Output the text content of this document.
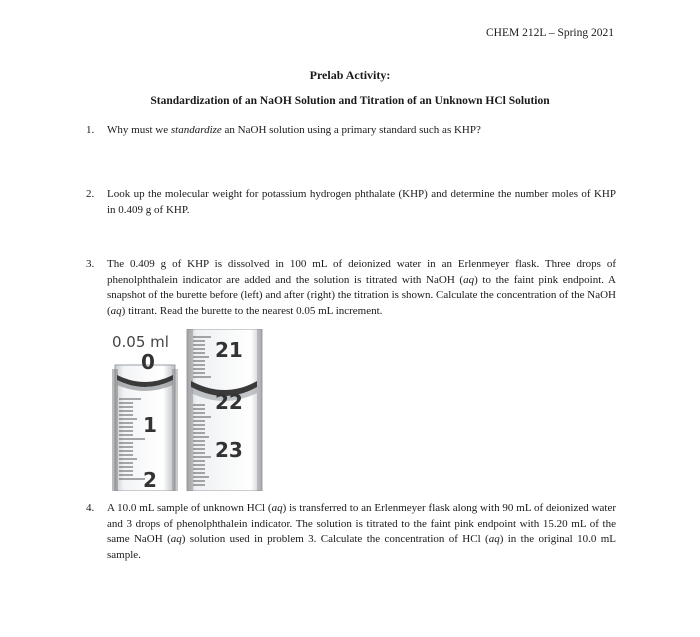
CHEM 212L – Spring 2021
Prelab Activity:
Standardization of an NaOH Solution and Titration of an Unknown HCl Solution
1. Why must we standardize an NaOH solution using a primary standard such as KHP?
2. Look up the molecular weight for potassium hydrogen phthalate (KHP) and determine the number moles of KHP in 0.409 g of KHP.
3. The 0.409 g of KHP is dissolved in 100 mL of deionized water in an Erlenmeyer flask. Three drops of phenolphthalein indicator are added and the solution is titrated with NaOH (aq) to the faint pink endpoint. A snapshot of the burette before (left) and after (right) the titration is shown. Calculate the concentration of the NaOH (aq) titrant. Read the burette to the nearest 0.05 mL increment.
0.05 ml
0
1
2
21
22
23
4. A 10.0 mL sample of unknown HCl (aq) is transferred to an Erlenmeyer flask along with 90 mL of deionized water and 3 drops of phenolphthalein indicator. The solution is titrated to the faint pink endpoint with 15.20 mL of the same NaOH (aq) solution used in problem 3. Calculate the concentration of HCl (aq) in the original 10.0 mL sample.
